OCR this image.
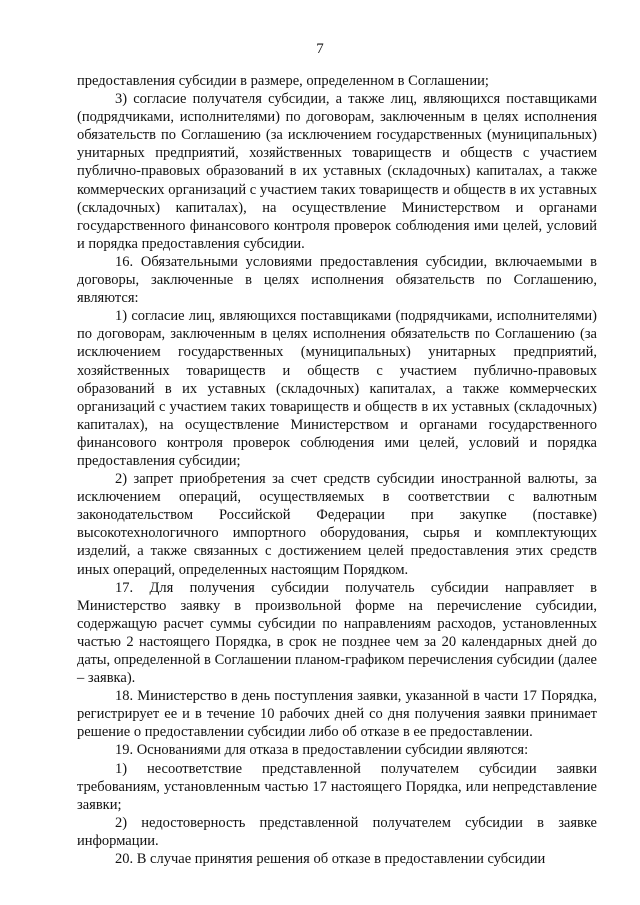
7

предоставления субсидии в размере, определенном в Соглашении;

3) согласие получателя субсидии, а также лиц, являющихся поставщиками (подрядчиками, исполнителями) по договорам, заключенным в целях исполнения обязательств по Соглашению (за исключением государственных (муниципальных) унитарных предприятий, хозяйственных товариществ и обществ с участием публично-правовых образований в их уставных (складочных) капиталах, а также коммерческих организаций с участием таких товариществ и обществ в их уставных (складочных) капиталах), на осуществление Министерством и органами государственного финансового контроля проверок соблюдения ими целей, условий и порядка предоставления субсидии.

16. Обязательными условиями предоставления субсидии, включаемыми в договоры, заключенные в целях исполнения обязательств по Соглашению, являются:

1) согласие лиц, являющихся поставщиками (подрядчиками, исполнителями) по договорам, заключенным в целях исполнения обязательств по Соглашению (за исключением государственных (муниципальных) унитарных предприятий, хозяйственных товариществ и обществ с участием публично-правовых образований в их уставных (складочных) капиталах, а также коммерческих организаций с участием таких товариществ и обществ в их уставных (складочных) капиталах), на осуществление Министерством и органами государственного финансового контроля проверок соблюдения ими целей, условий и порядка предоставления субсидии;

2) запрет приобретения за счет средств субсидии иностранной валюты, за исключением операций, осуществляемых в соответствии с валютным законодательством Российской Федерации при закупке (поставке) высокотехнологичного импортного оборудования, сырья и комплектующих изделий, а также связанных с достижением целей предоставления этих средств иных операций, определенных настоящим Порядком.

17. Для получения субсидии получатель субсидии направляет в Министерство заявку в произвольной форме на перечисление субсидии, содержащую расчет суммы субсидии по направлениям расходов, установленных частью 2 настоящего Порядка, в срок не позднее чем за 20 календарных дней до даты, определенной в Соглашении планом-графиком перечисления субсидии (далее – заявка).

18. Министерство в день поступления заявки, указанной в части 17 Порядка, регистрирует ее и в течение 10 рабочих дней со дня получения заявки принимает решение о предоставлении субсидии либо об отказе в ее предоставлении.

19. Основаниями для отказа в предоставлении субсидии являются:

1) несоответствие представленной получателем субсидии заявки требованиям, установленным частью 17 настоящего Порядка, или непредставление заявки;

2) недостоверность представленной получателем субсидии в заявке информации.

20. В случае принятия решения об отказе в предоставлении субсидии
